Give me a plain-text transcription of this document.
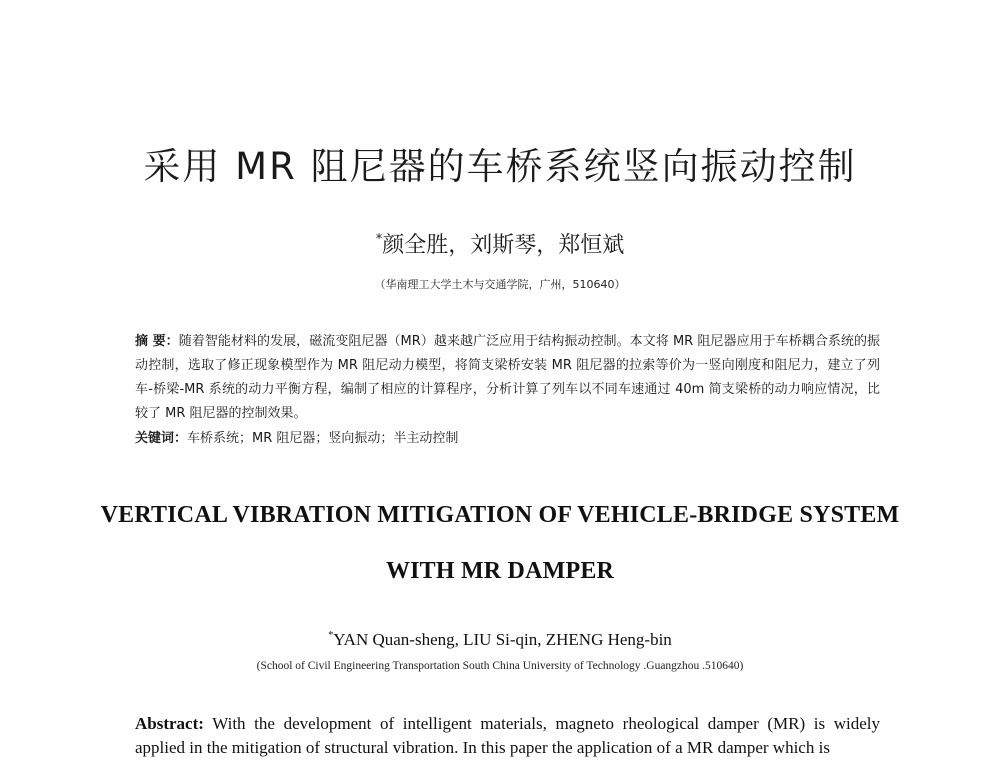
采用 MR 阻尼器的车桥系统竖向振动控制
*颜全胜，刘斯琴，郑恒斌
（华南理工大学土木与交通学院，广州，510640）
摘 要：随着智能材料的发展，磁流变阻尼器（MR）越来越广泛应用于结构振动控制。本文将 MR 阻尼器应用于车桥耦合系统的振动控制，选取了修正现象模型作为 MR 阻尼动力模型，将简支梁桥安装 MR 阻尼器的拉索等价为一竖向刚度和阻尼力，建立了列车-桥梁-MR 系统的动力平衡方程，编制了相应的计算程序，分析计算了列车以不同车速通过 40m 简支梁桥的动力响应情况，比较了 MR 阻尼器的控制效果。
关键词：车桥系统；MR 阻尼器；竖向振动；半主动控制
VERTICAL VIBRATION MITIGATION OF VEHICLE-BRIDGE SYSTEM
WITH MR DAMPER
*YAN Quan-sheng, LIU Si-qin, ZHENG Heng-bin
(School of Civil Engineering Transportation South China University of Technology .Guangzhou .510640)
Abstract: With the development of intelligent materials, magneto rheological damper (MR) is widely applied in the mitigation of structural vibration. In this paper the application of a MR damper which is
